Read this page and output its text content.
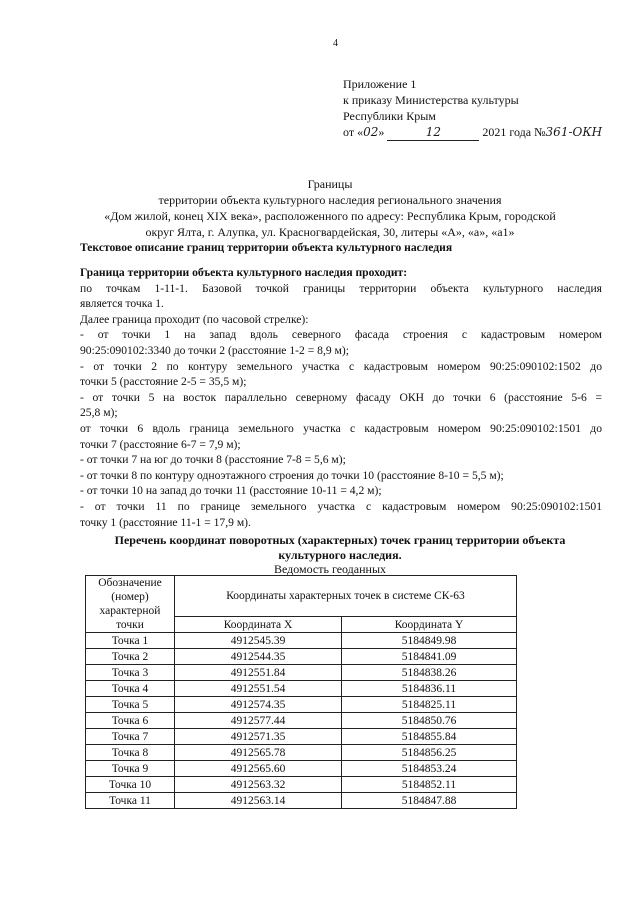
4
Приложение 1
к приказу Министерства культуры
Республики Крым
от «02»	12	2021 года №361-ОКН
Границы
территории объекта культурного наследия регионального значения
«Дом жилой, конец XIX века», расположенного по адресу: Республика Крым, городской
округ Ялта, г. Алупка, ул. Красногвардейская, 30, литеры «А», «а», «а1»
Текстовое описание границ территории объекта культурного наследия
Граница территории объекта культурного наследия проходит:
по точкам 1-11-1. Базовой точкой границы территории объекта культурного наследия
является точка 1.
Далее граница проходит (по часовой стрелке):
- от точки 1 на запад вдоль северного фасада строения с кадастровым номером
90:25:090102:3340 до точки 2 (расстояние 1-2 = 8,9 м);
- от точки 2 по контуру земельного участка с кадастровым номером 90:25:090102:1502 до
точки 5 (расстояние 2-5 = 35,5 м);
- от точки 5 на восток параллельно северному фасаду ОКН до точки 6 (расстояние 5-6 =
25,8 м);
от точки 6 вдоль граница земельного участка с кадастровым номером 90:25:090102:1501 до
точки 7 (расстояние 6-7 = 7,9 м);
- от точки 7 на юг до точки 8 (расстояние 7-8 = 5,6 м);
- от точки 8 по контуру одноэтажного строения до точки 10 (расстояние 8-10 = 5,5 м);
- от точки 10 на запад до точки 11 (расстояние 10-11 = 4,2 м);
- от точки 11 по границе земельного участка с кадастровым номером 90:25:090102:1501
точку 1 (расстояние 11-1 = 17,9 м).
Перечень координат поворотных (характерных) точек границ территории объекта
культурного наследия.
Ведомость геоданных
Обозначение (номер) характерной точки	Координаты характерных точек в системе СК-63	
	Координата X	Координата Y
Точка 1	4912545.39	5184849.98
Точка 2	4912544.35	5184841.09
Точка 3	4912551.84	5184838.26
Точка 4	4912551.54	5184836.11
Точка 5	4912574.35	5184825.11
Точка 6	4912577.44	5184850.76
Точка 7	4912571.35	5184855.84
Точка 8	4912565.78	5184856.25
Точка 9	4912565.60	5184853.24
Точка 10	4912563.32	5184852.11
Точка 11	4912563.14	5184847.88
